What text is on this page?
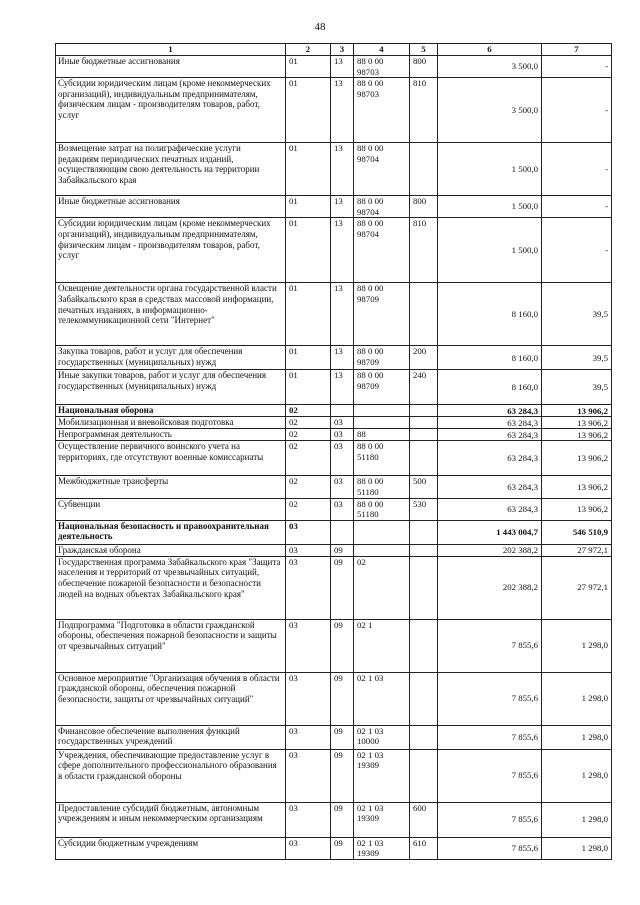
48
1	2	3	4	5	6	7
Иные бюджетные ассигнования	01	13	88 0 00 98703	800	3 500,0	-
Субсидии юридическим лицам (кроме некоммерческих организаций), индивидуальным предпринимателям, физическим лицам - производителям товаров, работ, услуг	01	13	88 0 00 98703	810	3 500,0	-
Возмещение затрат на полиграфические услуги редакциям периодических печатных изданий, осуществляющим свою деятельность на территории Забайкальского края	01	13	88 0 00 98704		1 500,0	-
Иные бюджетные ассигнования	01	13	88 0 00 98704	800	1 500,0	-
Субсидии юридическим лицам (кроме некоммерческих организаций), индивидуальным предпринимателям, физическим лицам - производителям товаров, работ, услуг	01	13	88 0 00 98704	810	1 500,0	-
Освещение деятельности органа государственной власти Забайкальского края в средствах массовой информации, печатных изданиях, в информационно-телекоммуникационной сети "Интернет"	01	13	88 0 00 98709		8 160,0	39,5
Закупка товаров, работ и услуг для обеспечения государственных (муниципальных) нужд	01	13	88 0 00 98709	200	8 160,0	39,5
Иные закупки товаров, работ и услуг для обеспечения государственных (муниципальных) нужд	01	13	88 0 00 98709	240	8 160,0	39,5
Национальная оборона	02				63 284,3	13 906,2
Мобилизационная и вневойсковая подготовка	02	03			63 284,3	13 906,2
Непрограммная деятельность	02	03	88		63 284,3	13 906,2
Осуществление первичного воинского учета на территориях, где отсутствуют военные комиссариаты	02	03	88 0 00 51180		63 284,3	13 906,2
Межбюджетные трансферты	02	03	88 0 00 51180	500	63 284,3	13 906,2
Субвенции	02	03	88 0 00 51180	530	63 284,3	13 906,2
Национальная безопасность и правоохранительная деятельность	03				1 443 004,7	546 510,9
Гражданская оборона	03	09			202 388,2	27 972,1
Государственная программа Забайкальского края "Защита населения и территорий от чрезвычайных ситуаций, обеспечение пожарной безопасности и безопасности людей на водных объектах Забайкальского края"	03	09	02		202 388,2	27 972,1
Подпрограмма "Подготовка в области гражданской обороны, обеспечения пожарной безопасности и защиты от чрезвычайных ситуаций"	03	09	02 1		7 855,6	1 298,0
Основное мероприятие "Организация обучения в области гражданской обороны, обеспечения пожарной безопасности, защиты от чрезвычайных ситуаций"	03	09	02 1 03		7 855,6	1 298,0
Финансовое обеспечение выполнения функций государственных учреждений	03	09	02 1 03 10000		7 855,6	1 298,0
Учреждения, обеспечивающие предоставление услуг в сфере дополнительного профессионального образования в области гражданской обороны	03	09	02 1 03 19309		7 855,6	1 298,0
Предоставление субсидий бюджетным, автономным учреждениям и иным некоммерческим организациям	03	09	02 1 03 19309	600	7 855,6	1 298,0
Субсидии бюджетным учреждениям	03	09	02 1 03 19309	610	7 855,6	1 298,0
